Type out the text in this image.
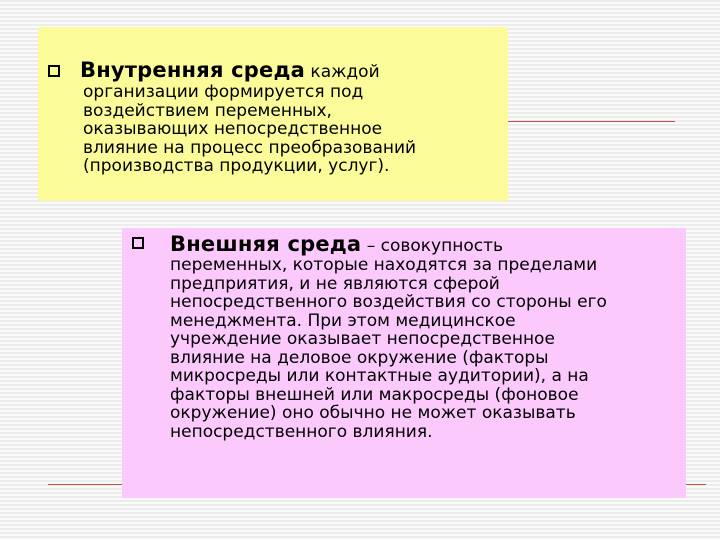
Внутренняя среда каждой
организации формируется под
воздействием переменных,
оказывающих непосредственное
влияние на процесс преобразований
(производства продукции, услуг).
Внешняя среда – совокупность
переменных, которые находятся за пределами
предприятия, и не являются сферой
непосредственного воздействия со стороны его
менеджмента. При этом медицинское
учреждение оказывает непосредственное
влияние на деловое окружение (факторы
микросреды или контактные аудитории), а на
факторы внешней или макросреды (фоновое
окружение) оно обычно не может оказывать
непосредственного влияния.
